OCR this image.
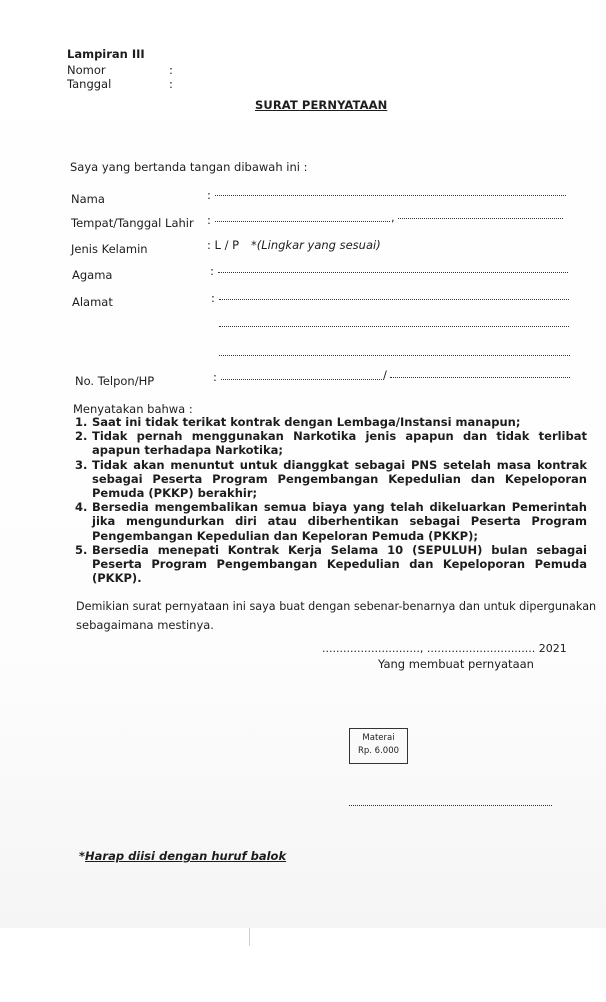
Lampiran III
Nomor	:
Tanggal	:
SURAT PERNYATAAN
Saya yang bertanda tangan dibawah ini :
Nama	:
Tempat/Tanggal Lahir :	,
Jenis Kelamin	: L / P *(Lingkar yang sesuai)
Agama	:
Alamat	:
No. Telpon/HP	:	/
Menyatakan bahwa :
1. Saat ini tidak terikat kontrak dengan Lembaga/Instansi manapun;
2. Tidak pernah menggunakan Narkotika jenis apapun dan tidak terlibat apapun terhadapa Narkotika;
3. Tidak akan menuntut untuk dianggkat sebagai PNS setelah masa kontrak sebagai Peserta Program Pengembangan Kepedulian dan Kepeloporan Pemuda (PKKP) berakhir;
4. Bersedia mengembalikan semua biaya yang telah dikeluarkan Pemerintah jika mengundurkan diri atau diberhentikan sebagai Peserta Program Pengembangan Kepedulian dan Kepeloran Pemuda (PKKP);
5. Bersedia menepati Kontrak Kerja Selama 10 (SEPULUH) bulan sebagai Peserta Program Pengembangan Kepedulian dan Kepeloporan Pemuda (PKKP).
Demikian surat pernyataan ini saya buat dengan sebenar-benarnya dan untuk dipergunakan
sebagaimana mestinya.
............................, ............................... 2021
Yang membuat pernyataan
Materai
Rp. 6.000
*Harap diisi dengan huruf balok
